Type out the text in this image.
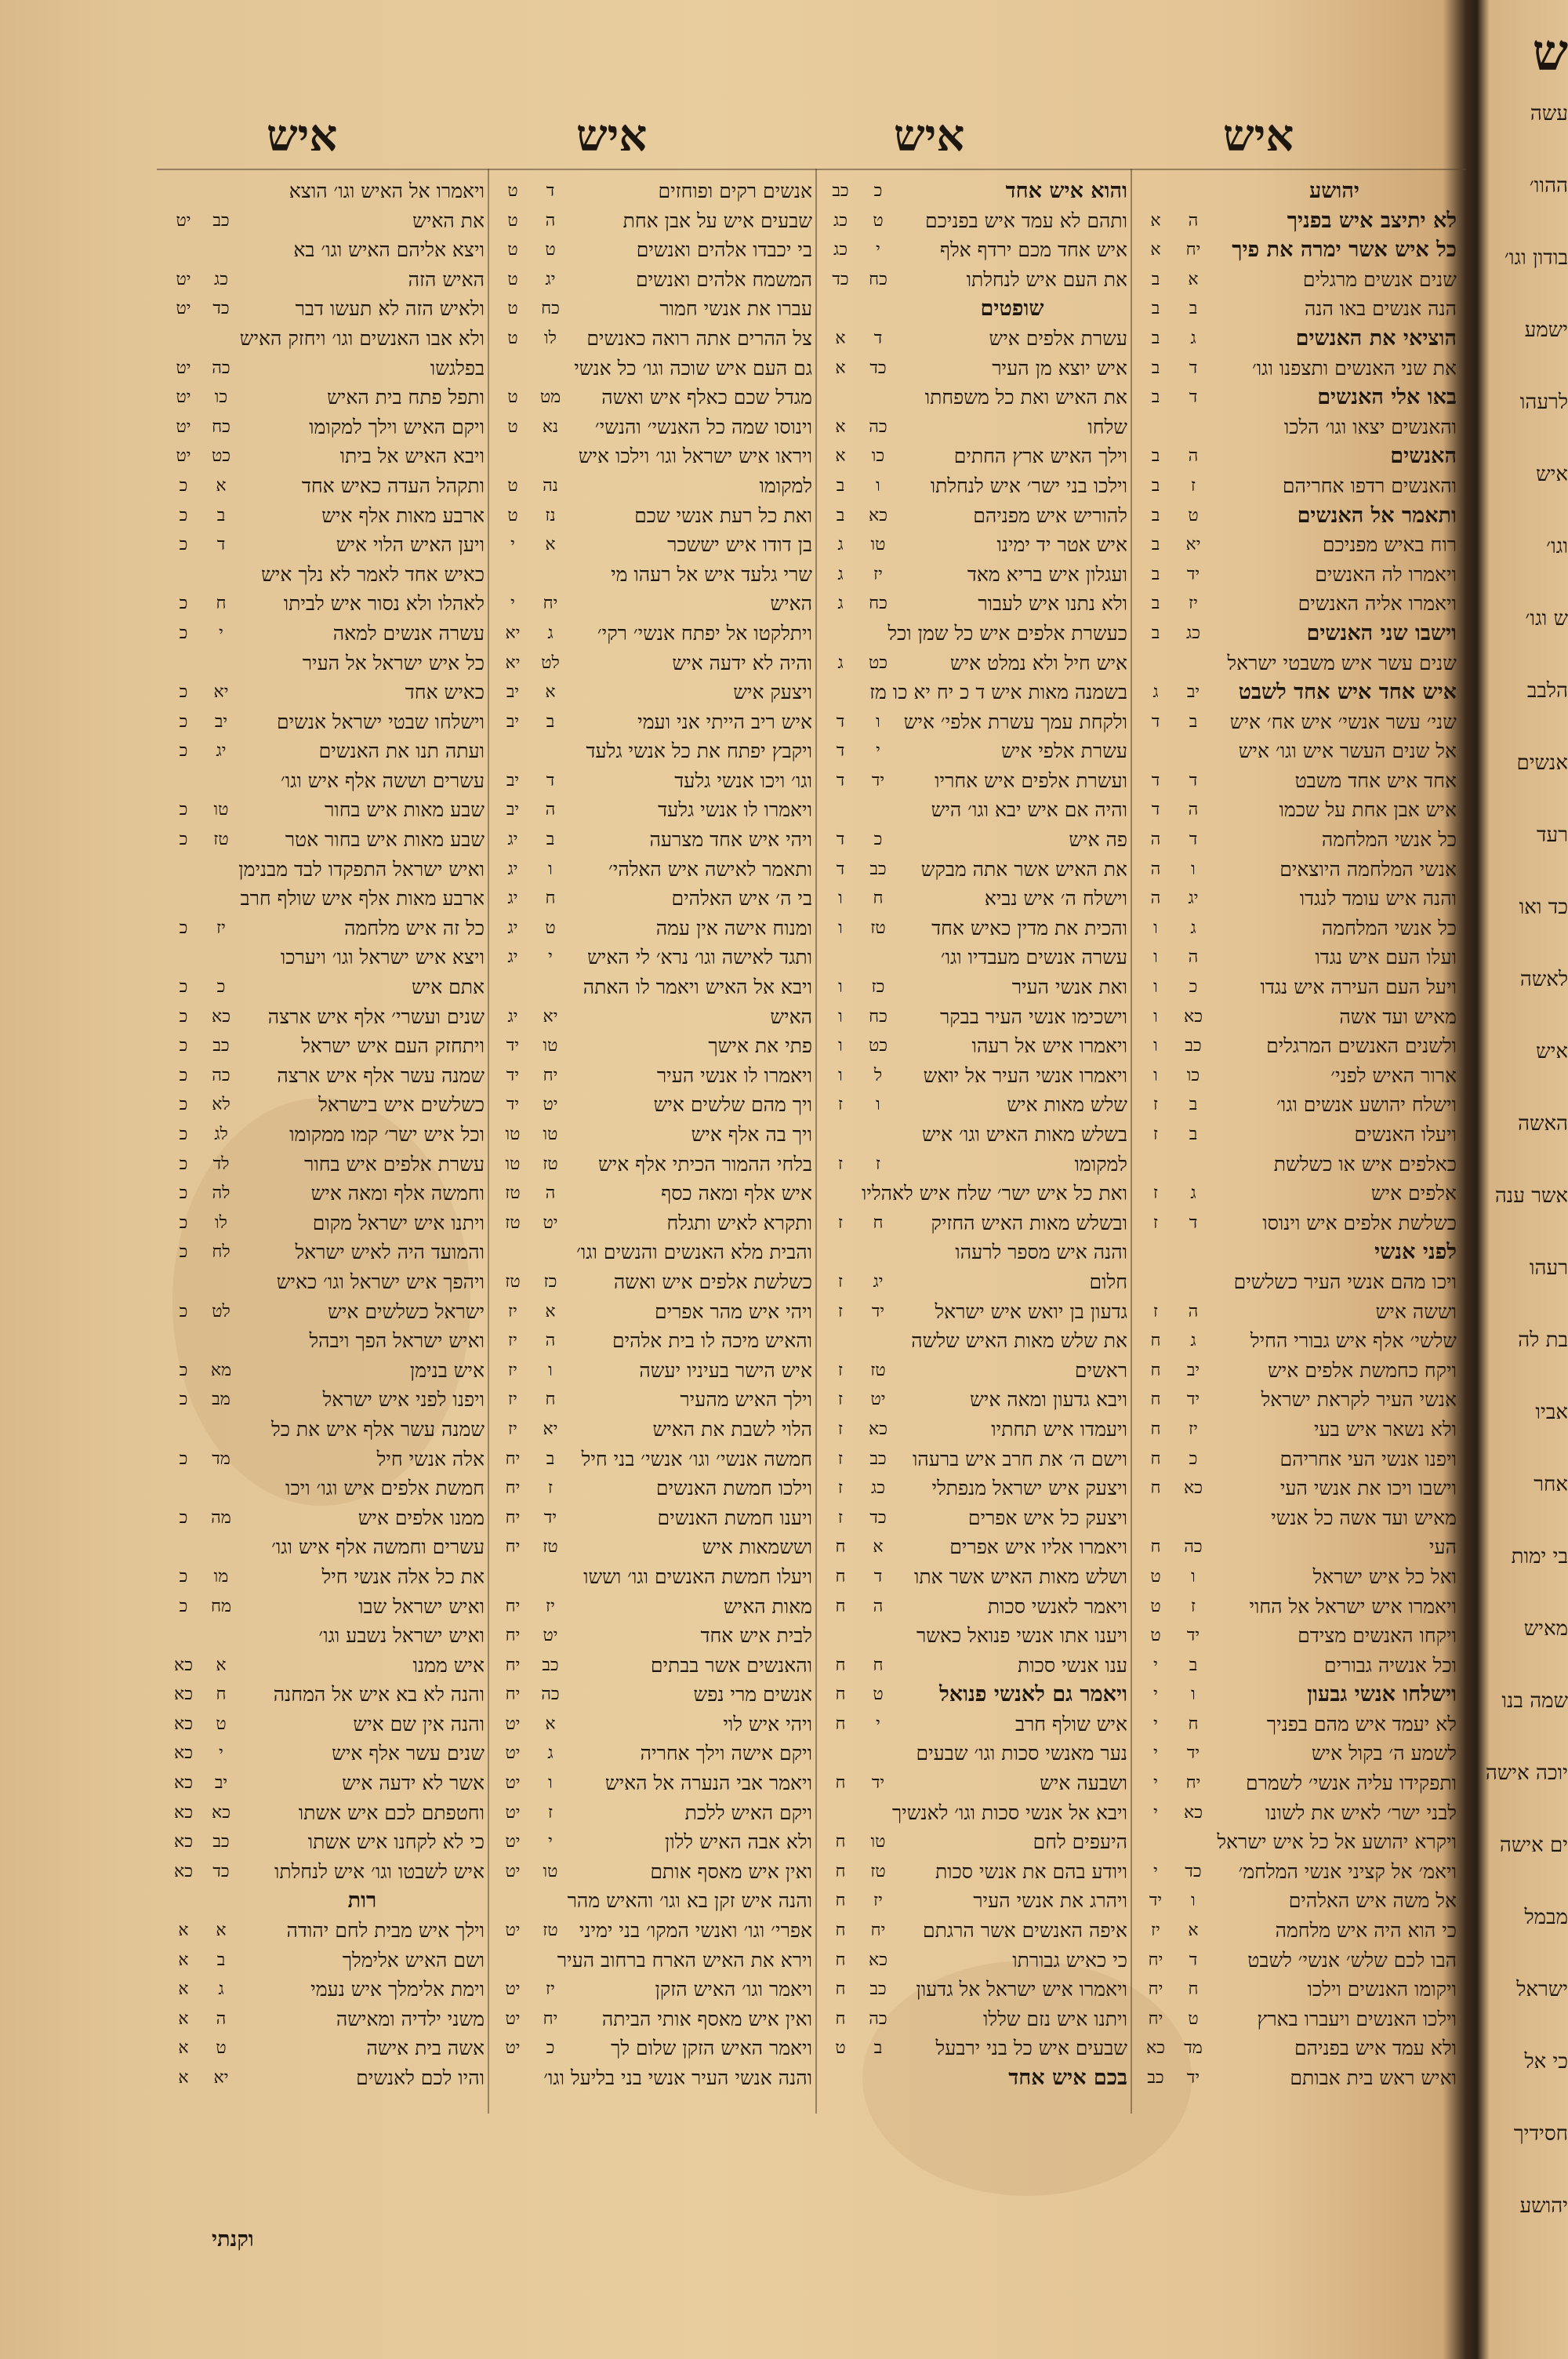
איש
איש
איש
איש
יהושע
לא יתיצב איש בפניך
ה
א
כל איש אשר ימרה את פיך
יח
א
שנים אנשים מרגלים
א
ב
הנה אנשים באו הנה
ב
ב
הוציאי את האנשים
ג
ב
את שני האנשים ותצפנו וגו׳
ד
ב
באו אלי האנשים
ד
ב
והאנשים יצאו וגו׳ הלכו
האנשים
ה
ב
והאנשים רדפו אחריהם
ז
ב
ותאמר אל האנשים
ט
ב
רוח באיש מפניכם
יא
ב
ויאמרו לה האנשים
יד
ב
ויאמרו אליה האנשים
יז
ב
וישבו שני האנשים
כג
ב
שנים עשר איש משבטי ישראל
איש אחד איש אחד לשבט
יב
ג
שני׳ עשר אנשי׳ איש אח׳ איש
ב
ד
אל שנים העשר איש וגו׳ איש
אחד איש אחד משבט
ד
ד
איש אבן אחת על שכמו
ה
ד
כל אנשי המלחמה
ד
ה
אנשי המלחמה היוצאים
ו
ה
והנה איש עומד לנגדו
יג
ה
כל אנשי המלחמה
ג
ו
ועלו העם איש נגדו
ה
ו
ויעל העם העירה איש נגדו
כ
ו
מאיש ועד אשה
כא
ו
ולשנים האנשים המרגלים
כב
ו
ארור האיש לפני׳
כו
ו
וישלח יהושע אנשים וגו׳
ב
ז
ויעלו האנשים
ב
ז
כאלפים איש או כשלשת
אלפים איש
ג
ז
כשלשת אלפים איש וינוסו
ד
ז
לפני אנשי
ויכו מהם אנשי העיר כשלשים
וששה איש
ה
ז
שלשי׳ אלף איש גבורי החיל
ג
ח
ויקח כחמשת אלפים איש
יב
ח
אנשי העיר לקראת ישראל
יד
ח
ולא נשאר איש בעי
יז
ח
ויפנו אנשי העי אחריהם
כ
ח
וישבו ויכו את אנשי העי
כא
ח
מאיש ועד אשה כל אנשי
העי
כה
ח
ואל כל איש ישראל
ו
ט
ויאמרו איש ישראל אל החוי
ז
ט
ויקחו האנשים מצידם
יד
ט
וכל אנשיה גבורים
ב
י
וישלחו אנשי גבעון
ו
י
לא יעמד איש מהם בפניך
ח
י
לשמע ה׳ בקול איש
יד
י
ותפקידו עליה אנשי׳ לשמרם
יח
י
לבני ישר׳ לאיש את לשונו
כא
י
ויקרא יהושע אל כל איש ישראל
ויאמ׳ אל קציני אנשי המלחמ׳
כד
י
אל משה איש האלהים
ו
יד
כי הוא היה איש מלחמה
א
יז
הבו לכם שלש׳ אנשי׳ לשבט
ד
יח
ויקומו האנשים וילכו
ח
יח
וילכו האנשים ויעברו בארץ
ט
יח
ולא עמד איש בפניהם
מד
כא
ואיש ראש בית אבותם
יד
כב
והוא איש אחד
כ
כב
ותהם לא עמד איש בפניכם
ט
כג
איש אחד מכם ירדף אלף
י
כג
את העם איש לנחלתו
כח
כד
שופטים
עשרת אלפים איש
ד
א
איש יוצא מן העיר
כד
א
את האיש ואת כל משפחתו
שלחו
כה
א
וילך האיש ארץ החתים
כו
א
וילכו בני ישר׳ איש לנחלתו
ו
ב
להוריש איש מפניהם
כא
ב
איש אטר יד ימינו
טו
ג
ועגלון איש בריא מאד
יז
ג
ולא נתנו איש לעבור
כח
ג
כעשרת אלפים איש כל שמן וכל
איש חיל ולא נמלט איש
כט
ג
בשמנה מאות איש ד כ יח יא כו מז
ולקחת עמך עשרת אלפי׳ איש
ו
ד
עשרת אלפי איש
י
ד
ועשרת אלפים איש אחריו
יד
ד
והיה אם איש יבא וגו׳ היש
פה איש
כ
ד
את האיש אשר אתה מבקש
כב
ד
וישלח ה׳ איש נביא
ח
ו
והכית את מדין כאיש אחד
טז
ו
עשרה אנשים מעבדיו וגו׳
ואת אנשי העיר
כז
ו
וישכימו אנשי העיר בבקר
כח
ו
ויאמרו איש אל רעהו
כט
ו
ויאמרו אנשי העיר אל יואש
ל
ו
שלש מאות איש
ו
ז
בשלש מאות האיש וגו׳ איש
למקומו
ז
ז
ואת כל איש ישר׳ שלח איש לאהליו
ובשלש מאות האיש החזיק
ח
ז
והנה איש מספר לרעהו
חלום
יג
ז
גדעון בן יואש איש ישראל
יד
ז
את שלש מאות האיש שלשה
ראשים
טז
ז
ויבא גדעון ומאה איש
יט
ז
ויעמדו איש תחתיו
כא
ז
וישם ה׳ את חרב איש ברעהו
כב
ז
ויצעק איש ישראל מנפתלי
כג
ז
ויצעק כל איש אפרים
כד
ז
ויאמרו אליו איש אפרים
א
ח
ושלש מאות האיש אשר אתו
ד
ח
ויאמר לאנשי סכות
ה
ח
ויענו אתו אנשי פנואל כאשר
ענו אנשי סכות
ח
ח
ויאמר גם לאנשי פנואל
ט
ח
איש שולף חרב
י
ח
נער מאנשי סכות וגו׳ שבעים
ושבעה איש
יד
ח
ויבא אל אנשי סכות וגו׳ לאנשיך
היעפים לחם
טו
ח
ויודע בהם את אנשי סכות
טז
ח
ויהרג את אנשי העיר
יז
ח
איפה האנשים אשר הרגתם
יח
ח
כי כאיש גבורתו
כא
ח
ויאמרו איש ישראל אל גדעון
כב
ח
ויתנו איש נזם שללו
כה
ח
שבעים איש כל בני ירבעל
ב
ט
בכם איש אחד
אנשים רקים ופוחזים
ד
ט
שבעים איש על אבן אחת
ה
ט
בי יכבדו אלהים ואנשים
ט
ט
המשמח אלהים ואנשים
יג
ט
עברו את אנשי חמור
כח
ט
צל ההרים אתה רואה כאנשים
לו
ט
גם העם איש שוכה וגו׳ כל אנשי
מגדל שכם כאלף איש ואשה
מט
ט
וינוסו שמה כל האנשי׳ והנשי׳
נא
ט
ויראו איש ישראל וגו׳ וילכו איש
למקומו
נה
ט
ואת כל רעת אנשי שכם
נז
ט
בן דודו איש יששכר
א
י
שרי גלעד איש אל רעהו מי
האיש
יח
י
ויתלקטו אל יפתח אנשי׳ רקי׳
ג
יא
והיה לא ידעה איש
לט
יא
ויצעק איש
א
יב
איש ריב הייתי אני ועמי
ב
יב
ויקבץ יפתח את כל אנשי גלעד
וגו׳ ויכו אנשי גלעד
ד
יב
ויאמרו לו אנשי גלעד
ה
יב
ויהי איש אחד מצרעה
ב
יג
ותאמר לאישה איש האלהי׳
ו
יג
בי ה׳ איש האלהים
ח
יג
ומנוח אישה אין עמה
ט
יג
ותגד לאישה וגו׳ נרא׳ לי האיש
י
יג
ויבא אל האיש ויאמר לו האתה
האיש
יא
יג
פתי את אישך
טו
יד
ויאמרו לו אנשי העיר
יח
יד
ויך מהם שלשים איש
יט
יד
ויך בה אלף איש
טו
טו
בלחי ההמור הכיתי אלף איש
טז
טו
איש אלף ומאה כסף
ה
טז
ותקרא לאיש ותגלח
יט
טז
והבית מלא האנשים והנשים וגו׳
כשלשת אלפים איש ואשה
כז
טז
ויהי איש מהר אפרים
א
יז
והאיש מיכה לו בית אלהים
ה
יז
איש הישר בעיניו יעשה
ו
יז
וילך האיש מהעיר
ח
יז
הלוי לשבת את האיש
יא
יז
חמשה אנשי׳ וגו׳ אנשי׳ בני חיל
ב
יח
וילכו חמשת האנשים
ז
יח
ויענו חמשת האנשים
יד
יח
וששמאות איש
טז
יח
ויעלו חמשת האנשים וגו׳ וששו
מאות האיש
יז
יח
לבית איש אחד
יט
יח
והאנשים אשר בבתים
כב
יח
אנשים מרי נפש
כה
יח
ויהי איש לוי
א
יט
ויקם אישה וילך אחריה
ג
יט
ויאמר אבי הנערה אל האיש
ו
יט
ויקם האיש ללכת
ז
יט
ולא אבה האיש ללון
י
יט
ואין איש מאסף אותם
טו
יט
והנה איש זקן בא וגו׳ והאיש מהר
אפרי׳ וגו׳ ואנשי המקו׳ בני ימיני
טז
יט
וירא את האיש הארח ברחוב העיר
ויאמר וגו׳ האיש הזקן
יז
יט
ואין איש מאסף אותי הביתה
יח
יט
ויאמר האיש הזקן שלום לך
כ
יט
והנה אנשי העיר אנשי בני בליעל וגו׳
ויאמרו אל האיש וגו׳ הוצא
את האיש
כב
יט
ויצא אליהם האיש וגו׳ בא
האיש הזה
כג
יט
ולאיש הזה לא תעשו דבר
כד
יט
ולא אבו האנשים וגו׳ ויחזק האיש
בפלגשו
כה
יט
ותפל פתח בית האיש
כו
יט
ויקם האיש וילך למקומו
כח
יט
ויבא האיש אל ביתו
כט
יט
ותקהל העדה כאיש אחד
א
כ
ארבע מאות אלף איש
ב
כ
ויען האיש הלוי איש
ד
כ
כאיש אחד לאמר לא נלך איש
לאהלו ולא נסור איש לביתו
ח
כ
עשרה אנשים למאה
י
כ
כל איש ישראל אל העיר
כאיש אחד
יא
כ
וישלחו שבטי ישראל אנשים
יב
כ
ועתה תנו את האנשים
יג
כ
עשרים וששה אלף איש וגו׳
שבע מאות איש בחור
טו
כ
שבע מאות איש בחור אטר
טז
כ
ואיש ישראל התפקדו לבד מבנימן
ארבע מאות אלף איש שולף חרב
כל זה איש מלחמה
יז
כ
ויצא איש ישראל וגו׳ ויערכו
אתם איש
כ
כ
שנים ועשרי׳ אלף איש ארצה
כא
כ
ויתחזק העם איש ישראל
כב
כ
שמנה עשר אלף איש ארצה
כה
כ
כשלשים איש בישראל
לא
כ
וכל איש ישר׳ קמו ממקומו
לג
כ
עשרת אלפים איש בחור
לד
כ
וחמשה אלף ומאה איש
לה
כ
ויתנו איש ישראל מקום
לו
כ
והמועד היה לאיש ישראל
לח
כ
ויהפך איש ישראל וגו׳ כאיש
ישראל כשלשים איש
לט
כ
ואיש ישראל הפך ויבהל
איש בנימן
מא
כ
ויפנו לפני איש ישראל
מב
כ
שמנה עשר אלף איש את כל
אלה אנשי חיל
מד
כ
חמשת אלפים איש וגו׳ ויכו
ממנו אלפים איש
מה
כ
עשרים וחמשה אלף איש וגו׳
את כל אלה אנשי חיל
מו
כ
ואיש ישראל שבו
מח
כ
ואיש ישראל נשבע וגו׳
איש ממנו
א
כא
והנה לא בא איש אל המחנה
ח
כא
והנה אין שם איש
ט
כא
שנים עשר אלף איש
י
כא
אשר לא ידעה איש
יב
כא
וחטפתם לכם איש אשתו
כא
כא
כי לא לקחנו איש אשתו
כב
כא
איש לשבטו וגו׳ איש לנחלתו
כד
כא
רות
וילך איש מבית לחם יהודה
א
א
ושם האיש אלימלך
ב
א
וימת אלימלך איש נעמי
ג
א
משני ילדיה ומאישה
ה
א
אשה בית אישה
ט
א
והיו לכם לאנשים
יא
א
וקנתי
ש
עשה
ההוו׳
בודון וגו׳
ישמע
לרעהו
איש
וגו׳
ש וגו׳
הלבב
אנשים
רעד
כד ואו
לאשה
איש
האשה
אשר ענה
רעהו
בת לה
אביו
אחר
בי ימות
מאיש
שמה בנו
יוכה אישה
ים אישה
מבמל
ישראל
כי אל
חסידיך
יהושע
